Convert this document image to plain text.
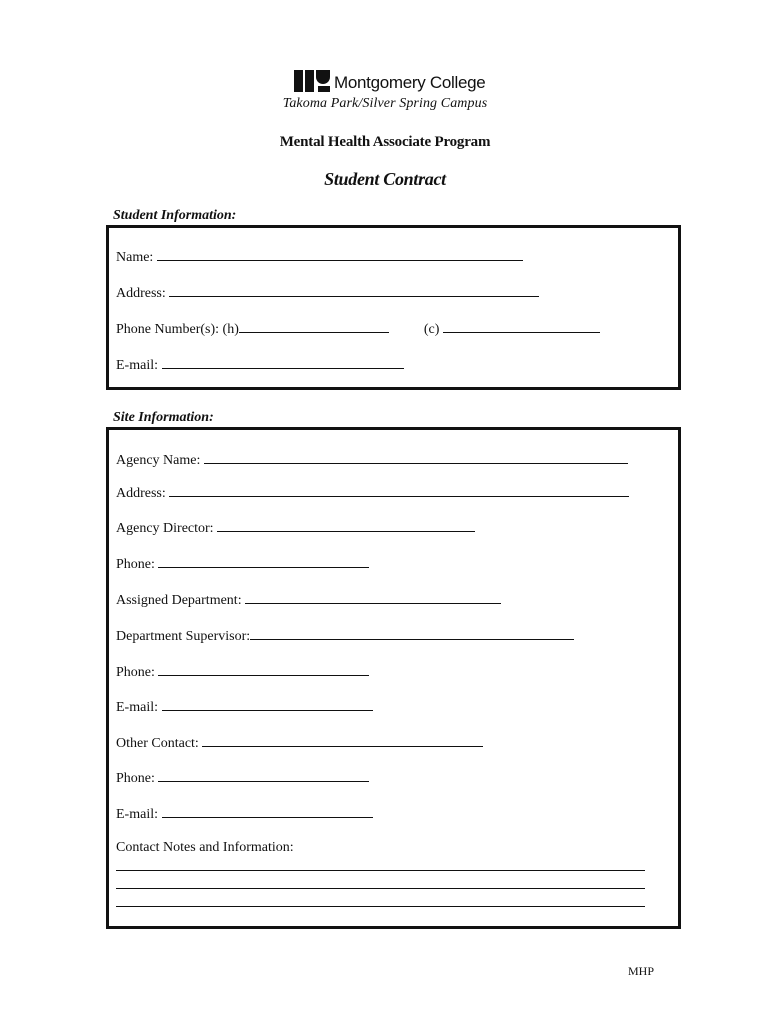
Montgomery College
Takoma Park/Silver Spring Campus
Mental Health Associate Program
Student Contract
Student Information:
Name:
Address:
Phone Number(s): (h)	(c)
E-mail:
Site Information:
Agency Name:
Address:
Agency Director:
Phone:
Assigned Department:
Department Supervisor:
Phone:
E-mail:
Other Contact:
Phone:
E-mail:
Contact Notes and Information:
MHP
